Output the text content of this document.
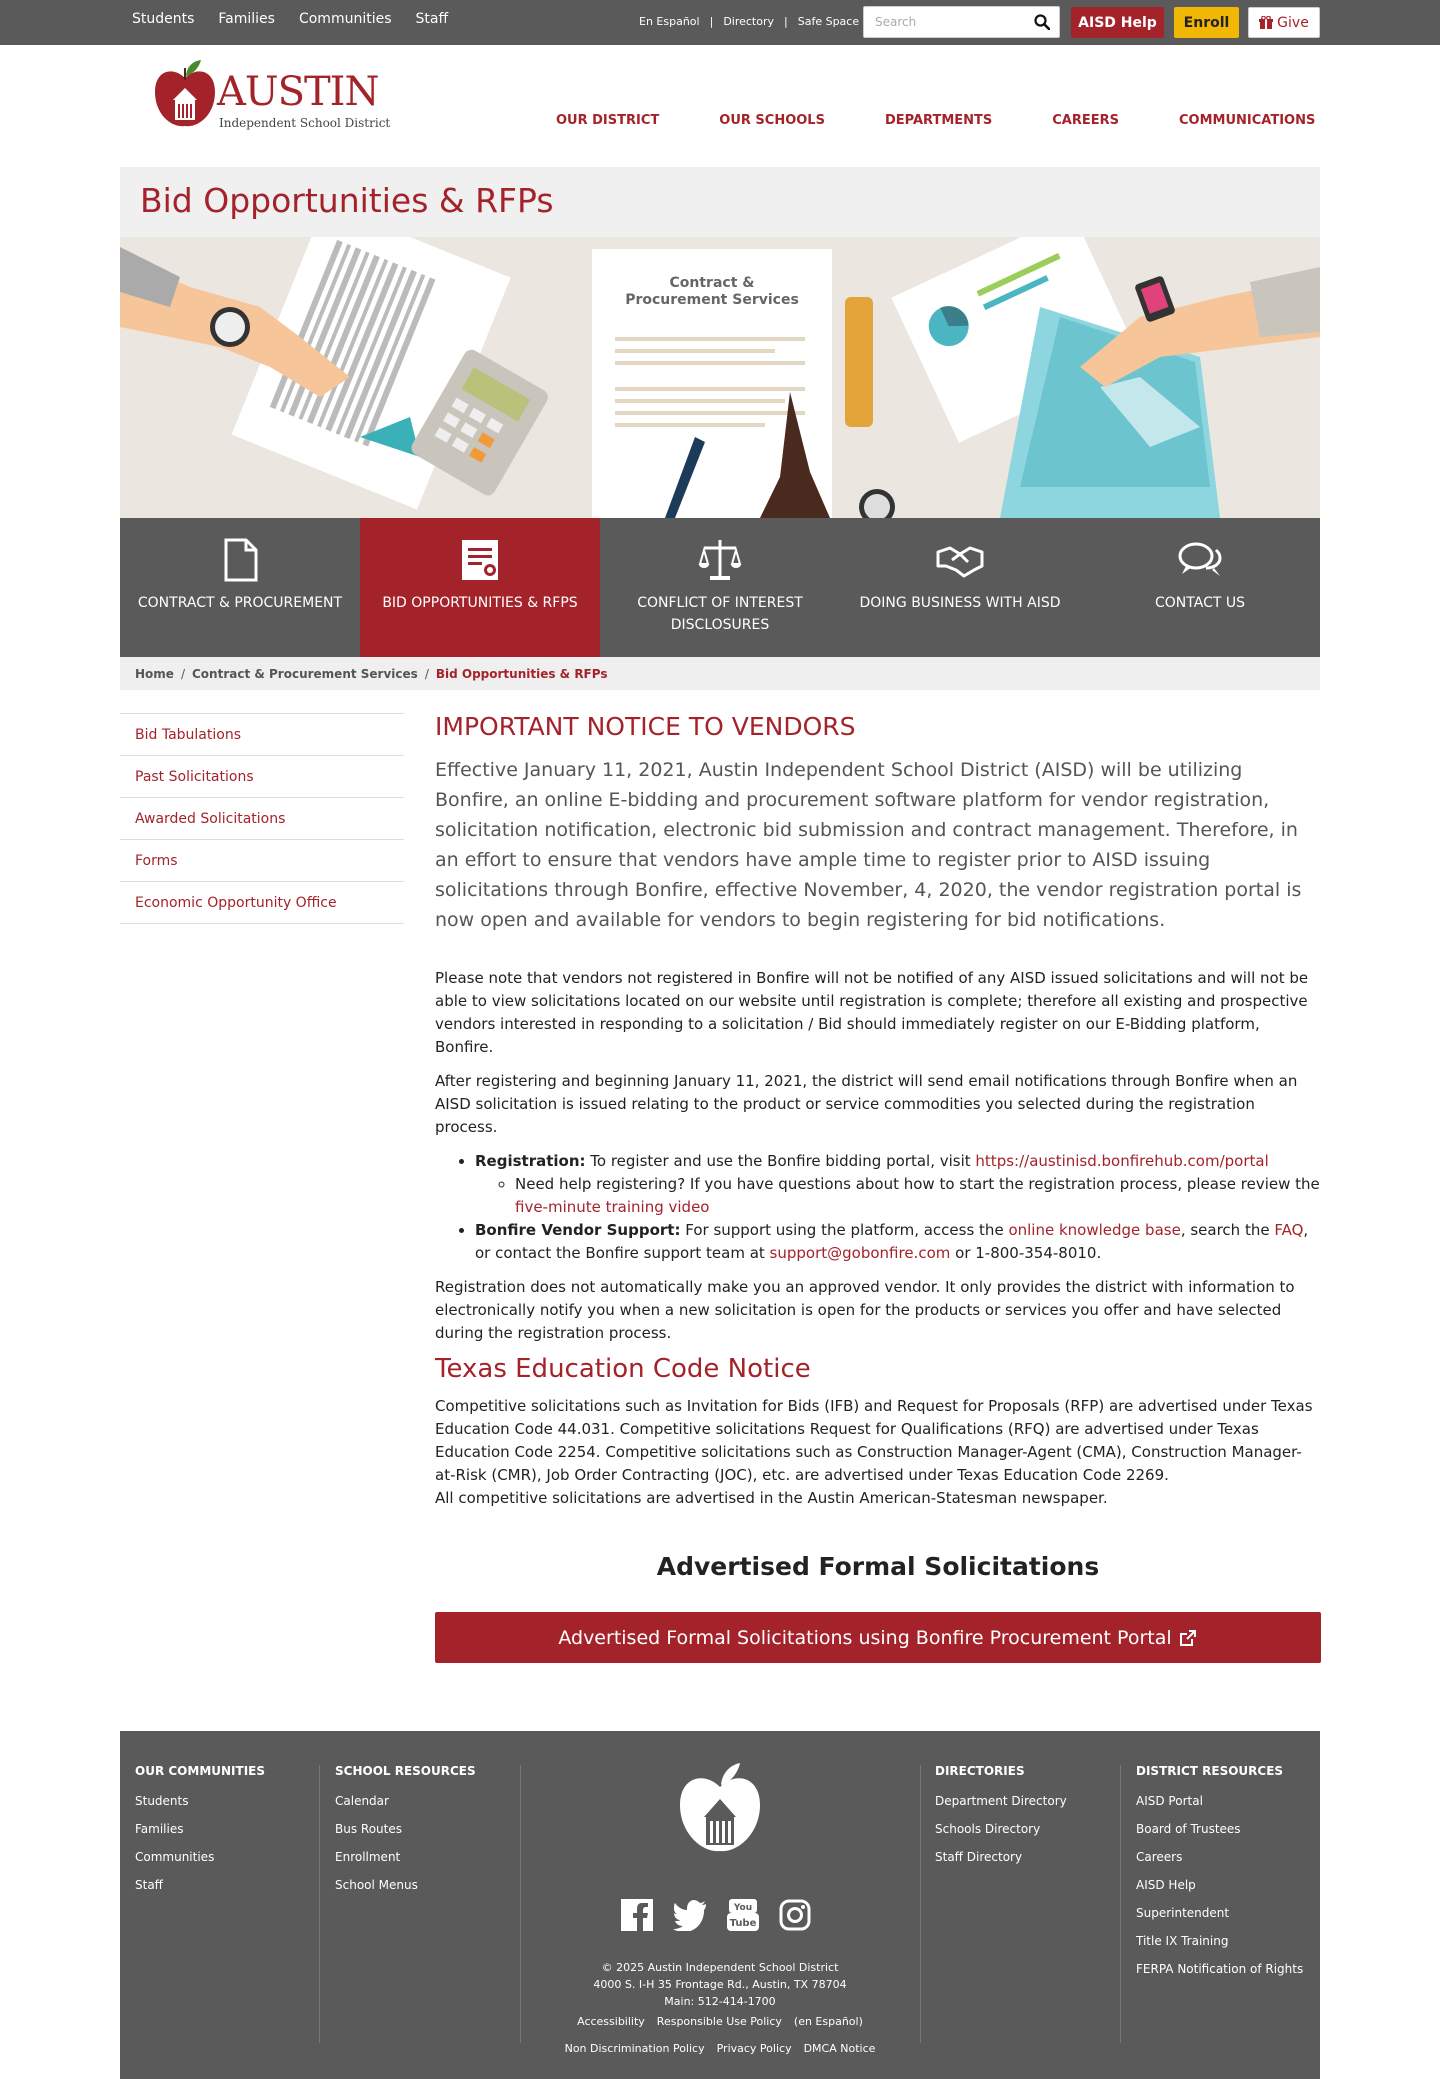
Students Families Communities Staff	En Español | Directory | Safe Space
Search	AISD Help	Enroll	Give
AUSTIN
Independent School District	OUR DISTRICT	OUR SCHOOLS	DEPARTMENTS	CAREERS	COMMUNICATIONS
Bid Opportunities & RFPs
Contract &
Procurement Services
CONTRACT & PROCUREMENT	BID OPPORTUNITIES & RFPS	CONFLICT OF INTEREST DISCLOSURES
DOING BUSINESS WITH AISD	CONTACT US
Home / Contract & Procurement Services / Bid Opportunities & RFPs
Bid Tabulations
Past Solicitations
Awarded Solicitations
Forms
Economic Opportunity Office
IMPORTANT NOTICE TO VENDORS

Effective January 11, 2021, Austin Independent School District (AISD) will be utilizing Bonfire, an online E-bidding and procurement software platform for vendor registration, solicitation notification, electronic bid submission and contract management. Therefore, in an effort to ensure that vendors have ample time to register prior to AISD issuing solicitations through Bonfire, effective November, 4, 2020, the vendor registration portal is now open and available for vendors to begin registering for bid notifications.

Please note that vendors not registered in Bonfire will not be notified of any AISD issued solicitations and will not be able to view solicitations located on our website until registration is complete; therefore all existing and prospective vendors interested in responding to a solicitation / Bid should immediately register on our E-Bidding platform, Bonfire.

After registering and beginning January 11, 2021, the district will send email notifications through Bonfire when an AISD solicitation is issued relating to the product or service commodities you selected during the registration process.

• Registration: To register and use the Bonfire bidding portal, visit https://austinisd.bonfirehub.com/portal
◦ Need help registering? If you have questions about how to start the registration process, please review the five-minute training video
• Bonfire Vendor Support: For support using the platform, access the online knowledge base, search the FAQ, or contact the Bonfire support team at support@gobonfire.com or 1-800-354-8010.

Registration does not automatically make you an approved vendor. It only provides the district with information to electronically notify you when a new solicitation is open for the products or services you offer and have selected during the registration process.

Texas Education Code Notice

Competitive solicitations such as Invitation for Bids (IFB) and Request for Proposals (RFP) are advertised under Texas Education Code 44.031. Competitive solicitations Request for Qualifications (RFQ) are advertised under Texas Education Code 2254. Competitive solicitations such as Construction Manager-Agent (CMA), Construction Manager-at-Risk (CMR), Job Order Contracting (JOC), etc. are advertised under Texas Education Code 2269.
All competitive solicitations are advertised in the Austin American-Statesman newspaper.

Advertised Formal Solicitations
Advertised Formal Solicitations using Bonfire Procurement Portal
OUR COMMUNITIES
Students
Families
Communities
Staff
SCHOOL RESOURCES
Calendar
Bus Routes
Enrollment
School Menus
You
Tube
© 2025 Austin Independent School District
4000 S. I-H 35 Frontage Rd., Austin, TX 78704
Main: 512-414-1700
Accessibility Responsible Use Policy (en Español)
Non Discrimination Policy Privacy Policy DMCA Notice
DIRECTORIES
Department Directory
Schools Directory
Staff Directory
DISTRICT RESOURCES
AISD Portal
Board of Trustees
Careers
AISD Help
Superintendent
Title IX Training
FERPA Notification of Rights
